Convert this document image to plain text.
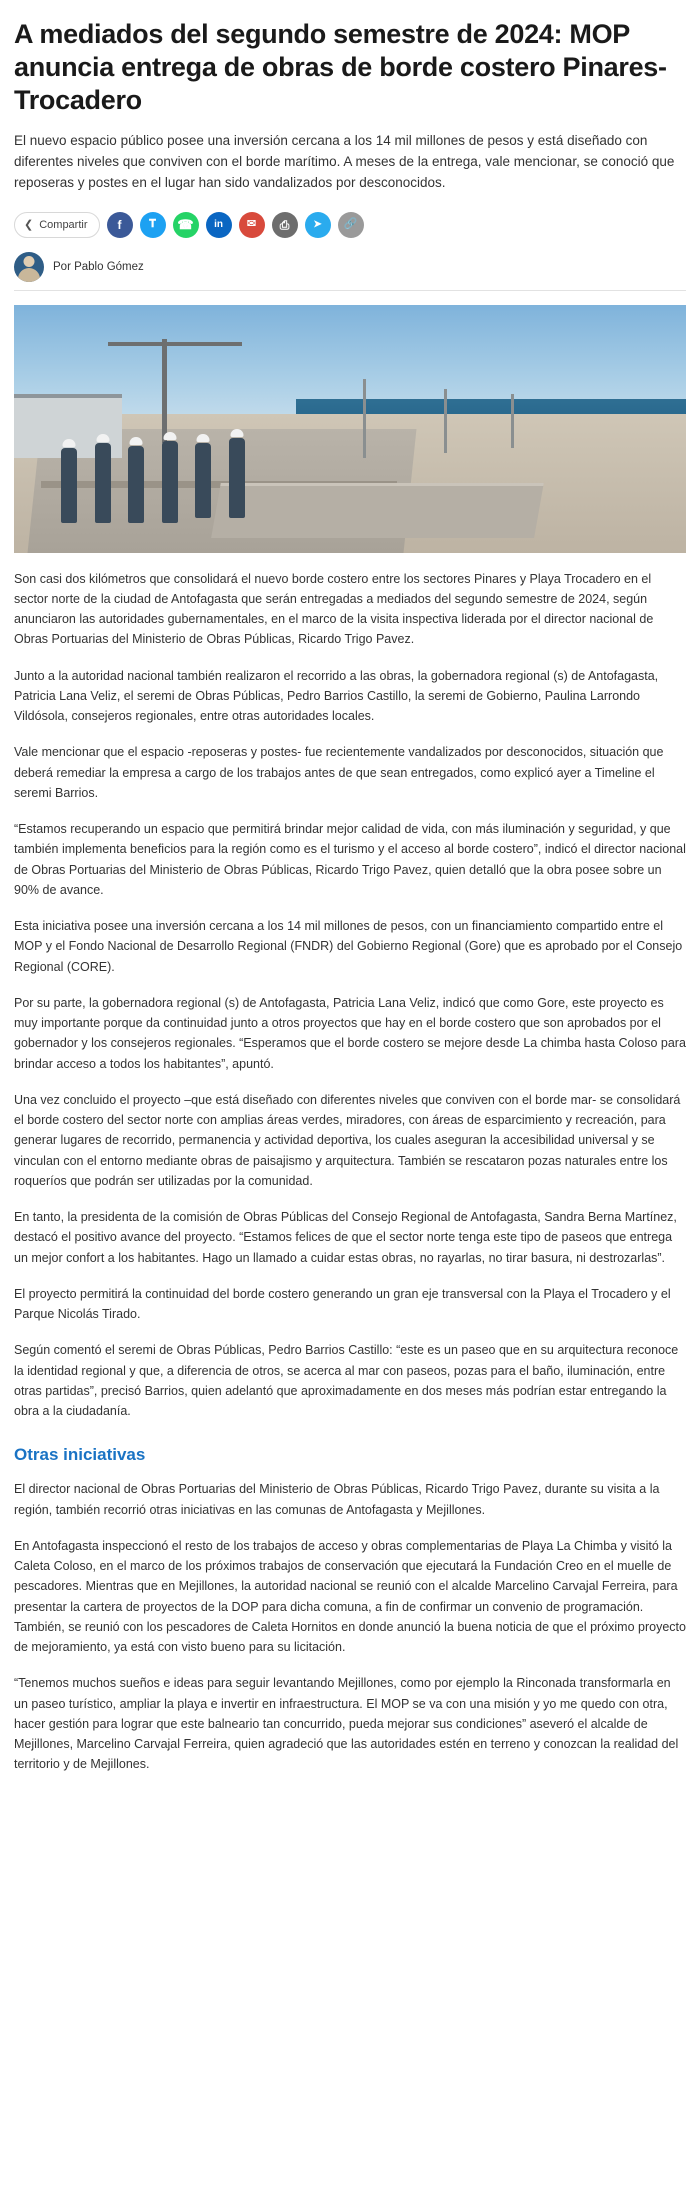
A mediados del segundo semestre de 2024: MOP anuncia entrega de obras de borde costero Pinares-Trocadero

El nuevo espacio público posee una inversión cercana a los 14 mil millones de pesos y está diseñado con diferentes niveles que conviven con el borde marítimo. A meses de la entrega, vale mencionar, se conoció que reposeras y postes en el lugar han sido vandalizados por desconocidos.

❮ Compartir	f	𝐓	☎	in	✉	⎙	➤	🔗
Por Pablo Gómez

Son casi dos kilómetros que consolidará el nuevo borde costero entre los sectores Pinares y Playa Trocadero en el sector norte de la ciudad de Antofagasta que serán entregadas a mediados del segundo semestre de 2024, según anunciaron las autoridades gubernamentales, en el marco de la visita inspectiva liderada por el director nacional de Obras Portuarias del Ministerio de Obras Públicas, Ricardo Trigo Pavez.

Junto a la autoridad nacional también realizaron el recorrido a las obras, la gobernadora regional (s) de Antofagasta, Patricia Lana Veliz, el seremi de Obras Públicas, Pedro Barrios Castillo, la seremi de Gobierno, Paulina Larrondo Vildósola, consejeros regionales, entre otras autoridades locales.

Vale mencionar que el espacio -reposeras y postes- fue recientemente vandalizados por desconocidos, situación que deberá remediar la empresa a cargo de los trabajos antes de que sean entregados, como explicó ayer a Timeline el seremi Barrios.

“Estamos recuperando un espacio que permitirá brindar mejor calidad de vida, con más iluminación y seguridad, y que también implementa beneficios para la región como es el turismo y el acceso al borde costero”, indicó el director nacional de Obras Portuarias del Ministerio de Obras Públicas, Ricardo Trigo Pavez, quien detalló que la obra posee sobre un 90% de avance.

Esta iniciativa posee una inversión cercana a los 14 mil millones de pesos, con un financiamiento compartido entre el MOP y el Fondo Nacional de Desarrollo Regional (FNDR) del Gobierno Regional (Gore) que es aprobado por el Consejo Regional (CORE).

Por su parte, la gobernadora regional (s) de Antofagasta, Patricia Lana Veliz, indicó que como Gore, este proyecto es muy importante porque da continuidad junto a otros proyectos que hay en el borde costero que son aprobados por el gobernador y los consejeros regionales. “Esperamos que el borde costero se mejore desde La chimba hasta Coloso para brindar acceso a todos los habitantes”, apuntó.

Una vez concluido el proyecto –que está diseñado con diferentes niveles que conviven con el borde mar- se consolidará el borde costero del sector norte con amplias áreas verdes, miradores, con áreas de esparcimiento y recreación, para generar lugares de recorrido, permanencia y actividad deportiva, los cuales aseguran la accesibilidad universal y se vinculan con el entorno mediante obras de paisajismo y arquitectura. También se rescataron pozas naturales entre los roqueríos que podrán ser utilizadas por la comunidad.

En tanto, la presidenta de la comisión de Obras Públicas del Consejo Regional de Antofagasta, Sandra Berna Martínez, destacó el positivo avance del proyecto. “Estamos felices de que el sector norte tenga este tipo de paseos que entrega un mejor confort a los habitantes. Hago un llamado a cuidar estas obras, no rayarlas, no tirar basura, ni destrozarlas”.

El proyecto permitirá la continuidad del borde costero generando un gran eje transversal con la Playa el Trocadero y el Parque Nicolás Tirado.

Según comentó el seremi de Obras Públicas, Pedro Barrios Castillo: “este es un paseo que en su arquitectura reconoce la identidad regional y que, a diferencia de otros, se acerca al mar con paseos, pozas para el baño, iluminación, entre otras partidas”, precisó Barrios, quien adelantó que aproximadamente en dos meses más podrían estar entregando la obra a la ciudadanía.

Otras iniciativas

El director nacional de Obras Portuarias del Ministerio de Obras Públicas, Ricardo Trigo Pavez, durante su visita a la región, también recorrió otras iniciativas en las comunas de Antofagasta y Mejillones.

En Antofagasta inspeccionó el resto de los trabajos de acceso y obras complementarias de Playa La Chimba y visitó la Caleta Coloso, en el marco de los próximos trabajos de conservación que ejecutará la Fundación Creo en el muelle de pescadores. Mientras que en Mejillones, la autoridad nacional se reunió con el alcalde Marcelino Carvajal Ferreira, para presentar la cartera de proyectos de la DOP para dicha comuna, a fin de confirmar un convenio de programación. También, se reunió con los pescadores de Caleta Hornitos en donde anunció la buena noticia de que el próximo proyecto de mejoramiento, ya está con visto bueno para su licitación.

“Tenemos muchos sueños e ideas para seguir levantando Mejillones, como por ejemplo la Rinconada transformarla en un paseo turístico, ampliar la playa e invertir en infraestructura. El MOP se va con una misión y yo me quedo con otra, hacer gestión para lograr que este balneario tan concurrido, pueda mejorar sus condiciones” aseveró el alcalde de Mejillones, Marcelino Carvajal Ferreira, quien agradeció que las autoridades estén en terreno y conozcan la realidad del territorio y de Mejillones.
